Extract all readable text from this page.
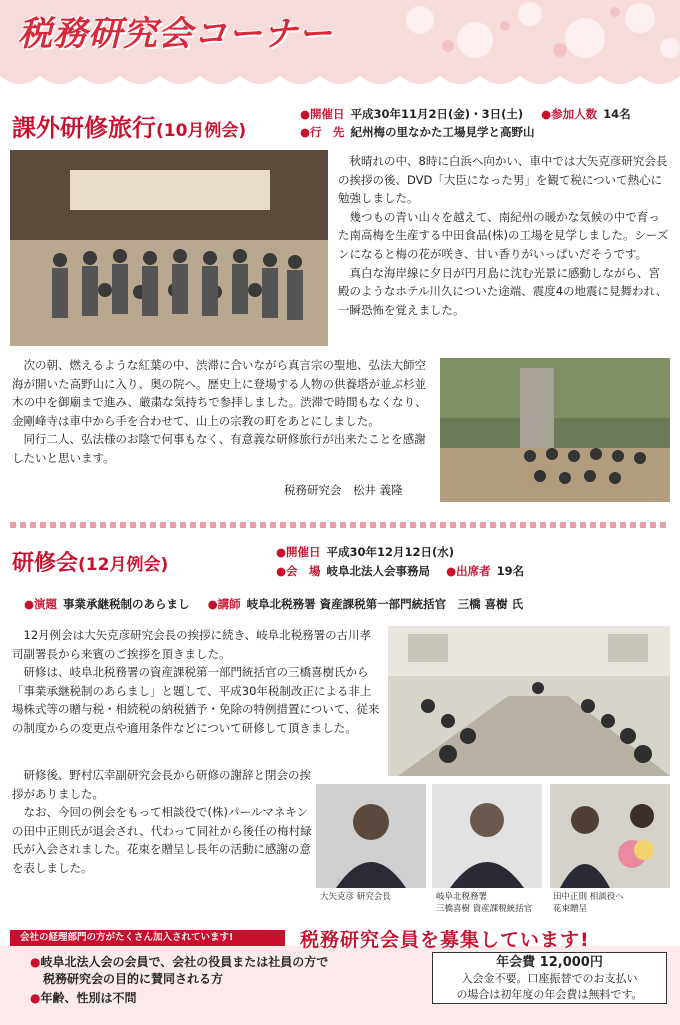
税務研究会コーナー
課外研修旅行(10月例会)
●開催日 平成30年11月2日(金)・3日(土) ●参加人数 14名
●行　先 紀州梅の里なかた工場見学と高野山

秋晴れの中、8時に白浜へ向かい、車中では大矢克彦研究会長の挨拶の後、DVD「大臣になった男」を観て税について熱心に勉強しました。

幾つもの青い山々を越えて、南紀州の暖かな気候の中で育った南高梅を生産する中田食品(株)の工場を見学しました。シーズンになると梅の花が咲き、甘い香りがいっぱいだそうです。

真白な海岸線に夕日が円月島に沈む光景に感動しながら、宮殿のようなホテル川久についた途端、震度4の地震に見舞われ、一瞬恐怖を覚えました。

次の朝、燃えるような紅葉の中、渋滞に合いながら真言宗の聖地、弘法大師空海が開いた高野山に入り、奥の院へ。歴史上に登場する人物の供養塔が並ぶ杉並木の中を御廟まで進み、厳粛な気持ちで参拝しました。渋滞で時間もなくなり、金剛峰寺は車中から手を合わせて、山上の宗教の町をあとにしました。

同行二人、弘法様のお陰で何事もなく、有意義な研修旅行が出来たことを感謝したいと思います。

税務研究会　松井 義隆
研修会(12月例会)
●開催日 平成30年12月12日(水)
●会　場 岐阜北法人会事務局 ●出席者 19名
●演題 事業承継税制のあらまし ●講師 岐阜北税務署 資産課税第一部門統括官　三橋 喜樹 氏

12月例会は大矢克彦研究会長の挨拶に続き、岐阜北税務署の古川孝司副署長から来賓のご挨拶を頂きました。

研修は、岐阜北税務署の資産課税第一部門統括官の三橋喜樹氏から「事業承継税制のあらまし」と題して、平成30年税制改正による非上場株式等の贈与税・相続税の納税猶予・免除の特例措置について、従来の制度からの変更点や適用条件などについて研修して頂きました。

研修後、野村広幸副研究会長から研修の謝辞と閉会の挨拶がありました。

なお、今回の例会をもって相談役で(株)パールマネキンの田中正則氏が退会され、代わって同社から後任の梅村緑氏が入会されました。花束を贈呈し長年の活動に感謝の意を表しました。

大矢克彦 研究会長	岐阜北税務署
三橋喜樹 資産課税統括官
田中正則 相談役へ
花束贈呈
会社の経理部門の方がたくさん加入されています!	税務研究会員を募集しています!
●岐阜北法人会の会員で、会社の役員または社員の方で
税務研究会の目的に賛同される方
●年齢、性別は不問
年会費 12,000円
入会金不要。口座振替でのお支払い
の場合は初年度の年会費は無料です。
